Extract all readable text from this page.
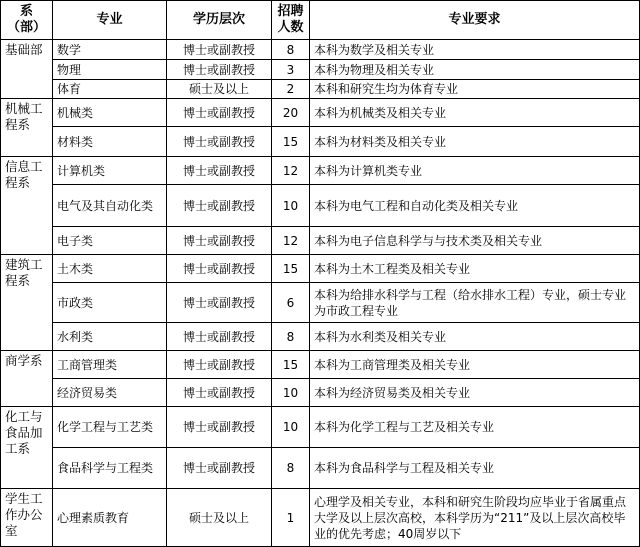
系（部）	专业	学历层次	招聘人数	专业要求
基础部	数学	博士或副教授	8	本科为数学及相关专业
	物理	博士或副教授	3	本科为物理及相关专业
	体育	硕士及以上	2	本科和研究生均为体育专业
机械工程系	机械类	博士或副教授	20	本科为机械类及相关专业
	材料类	博士或副教授	15	本科为材料类及相关专业
信息工程系	计算机类	博士或副教授	12	本科为计算机类专业
	电气及其自动化类	博士或副教授	10	本科为电气工程和自动化类及相关专业
	电子类	博士或副教授	12	本科为电子信息科学与与技术类及相关专业
建筑工程系	土木类	博士或副教授	15	本科为土木工程类及相关专业
	市政类	博士或副教授	6	本科为给排水科学与工程（给水排水工程）专业，硕士专业为市政工程专业
	水利类	博士或副教授	8	本科为水利类及相关专业
商学系	工商管理类	博士或副教授	15	本科为工商管理类及相关专业
	经济贸易类	博士或副教授	10	本科为经济贸易类及相关专业
化工与食品加工系	化学工程与工艺类	博士或副教授	10	本科为化学工程与工艺及相关专业
	食品科学与工程类	博士或副教授	8	本科为食品科学与工程及相关专业
学生工作办公室	心理素质教育	硕士及以上	1	心理学及相关专业，本科和研究生阶段均应毕业于省属重点大学及以上层次高校，本科学历为“211”及以上层次高校毕业的优先考虑；40周岁以下
